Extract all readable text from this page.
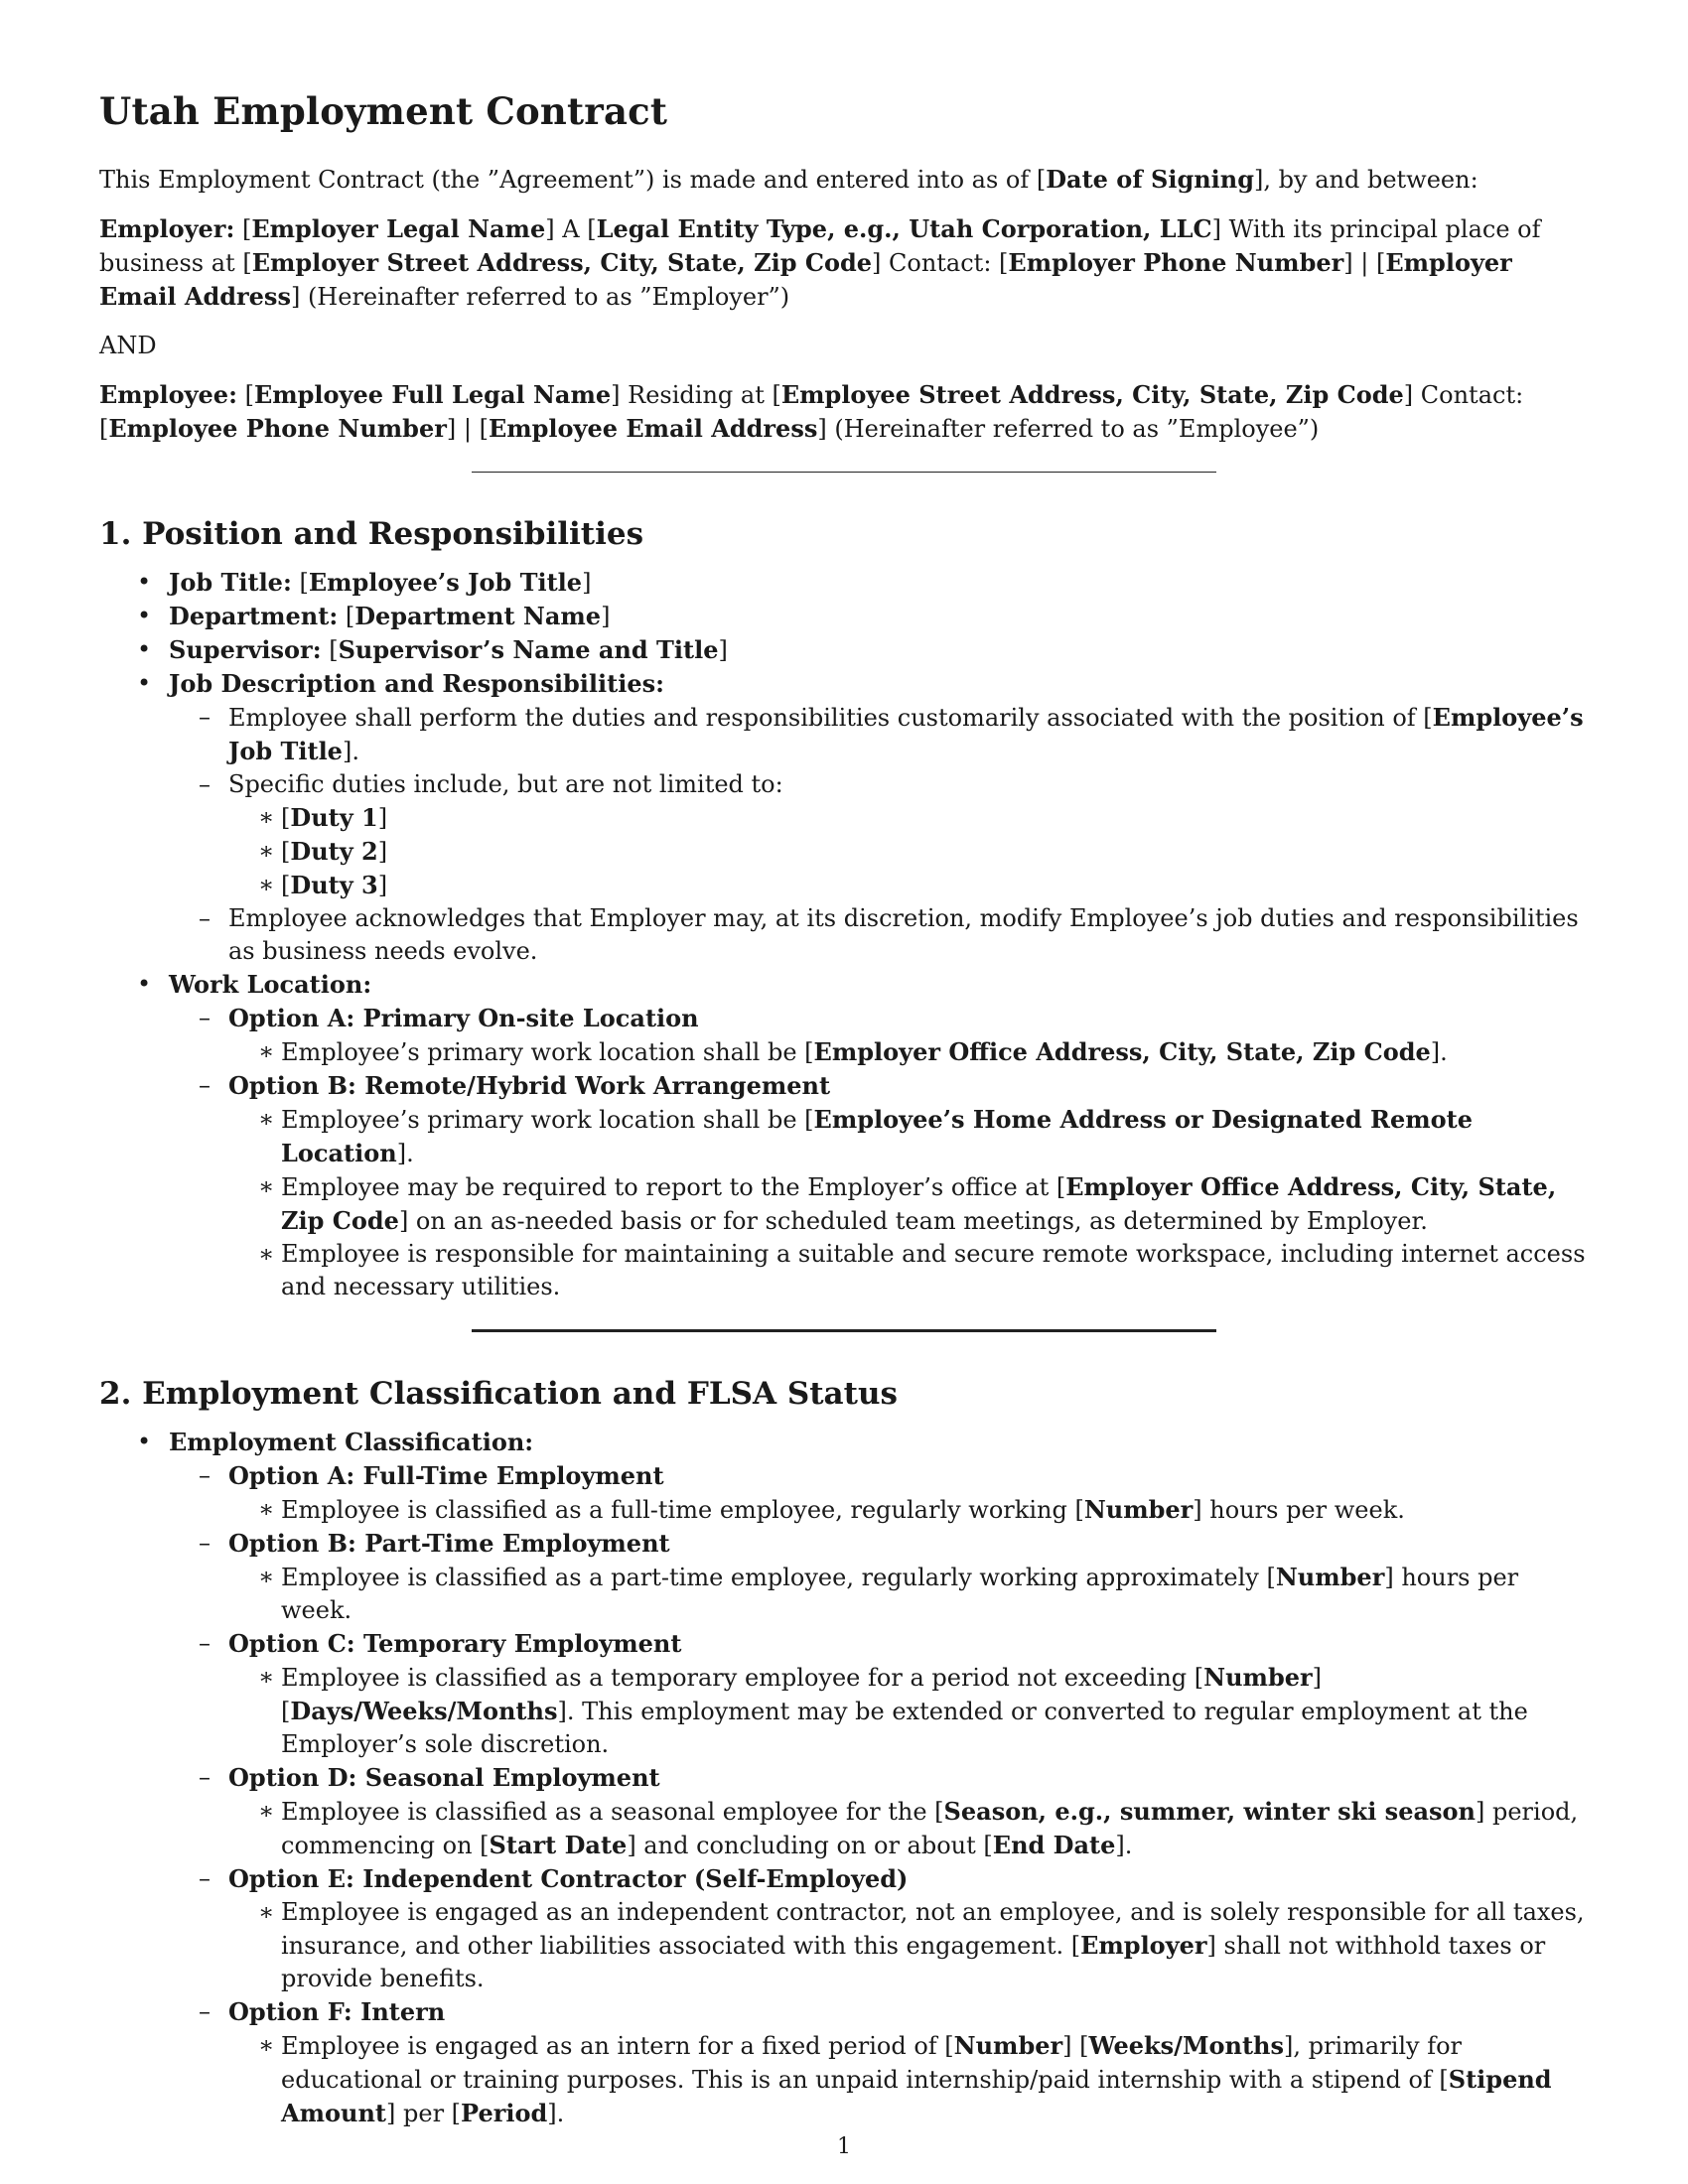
Utah Employment Contract

This Employment Contract (the ”Agreement”) is made and entered into as of [Date of Signing], by and between:

Employer: [Employer Legal Name] A [Legal Entity Type, e.g., Utah Corporation, LLC] With its principal place of business at [Employer Street Address, City, State, Zip Code] Contact: [Employer Phone Number] | [Employer Email Address] (Hereinafter referred to as ”Employer”)

AND

Employee: [Employee Full Legal Name] Residing at [Employee Street Address, City, State, Zip Code] Contact: [Employee Phone Number] | [Employee Email Address] (Hereinafter referred to as ”Employee”)

1. Position and Responsibilities
• Job Title: [Employee’s Job Title]
• Department: [Department Name]
• Supervisor: [Supervisor’s Name and Title]
• Job Description and Responsibilities:
– Employee shall perform the duties and responsibilities customarily associated with the position of [Employee’s Job Title].
– Specific duties include, but are not limited to:
∗ [Duty 1]
∗ [Duty 2]
∗ [Duty 3]
– Employee acknowledges that Employer may, at its discretion, modify Employee’s job duties and responsibilities as business needs evolve.
• Work Location:
– Option A: Primary On-site Location
∗ Employee’s primary work location shall be [Employer Office Address, City, State, Zip Code].
– Option B: Remote/Hybrid Work Arrangement
∗ Employee’s primary work location shall be [Employee’s Home Address or Designated Remote Location].
∗ Employee may be required to report to the Employer’s office at [Employer Office Address, City, State, Zip Code] on an as-needed basis or for scheduled team meetings, as determined by Employer.
∗ Employee is responsible for maintaining a suitable and secure remote workspace, including internet access and necessary utilities.
2. Employment Classification and FLSA Status
• Employment Classification:
– Option A: Full-Time Employment
∗ Employee is classified as a full-time employee, regularly working [Number] hours per week.
– Option B: Part-Time Employment
∗ Employee is classified as a part-time employee, regularly working approximately [Number] hours per week.
– Option C: Temporary Employment
∗ Employee is classified as a temporary employee for a period not exceeding [Number] [Days/Weeks/Months]. This employment may be extended or converted to regular employment at the Employer’s sole discretion.
– Option D: Seasonal Employment
∗ Employee is classified as a seasonal employee for the [Season, e.g., summer, winter ski season] period, commencing on [Start Date] and concluding on or about [End Date].
– Option E: Independent Contractor (Self-Employed)
∗ Employee is engaged as an independent contractor, not an employee, and is solely responsible for all taxes, insurance, and other liabilities associated with this engagement. [Employer] shall not withhold taxes or provide benefits.
– Option F: Intern
∗ Employee is engaged as an intern for a fixed period of [Number] [Weeks/Months], primarily for educational or training purposes. This is an unpaid internship/paid internship with a stipend of [Stipend Amount] per [Period].
1
